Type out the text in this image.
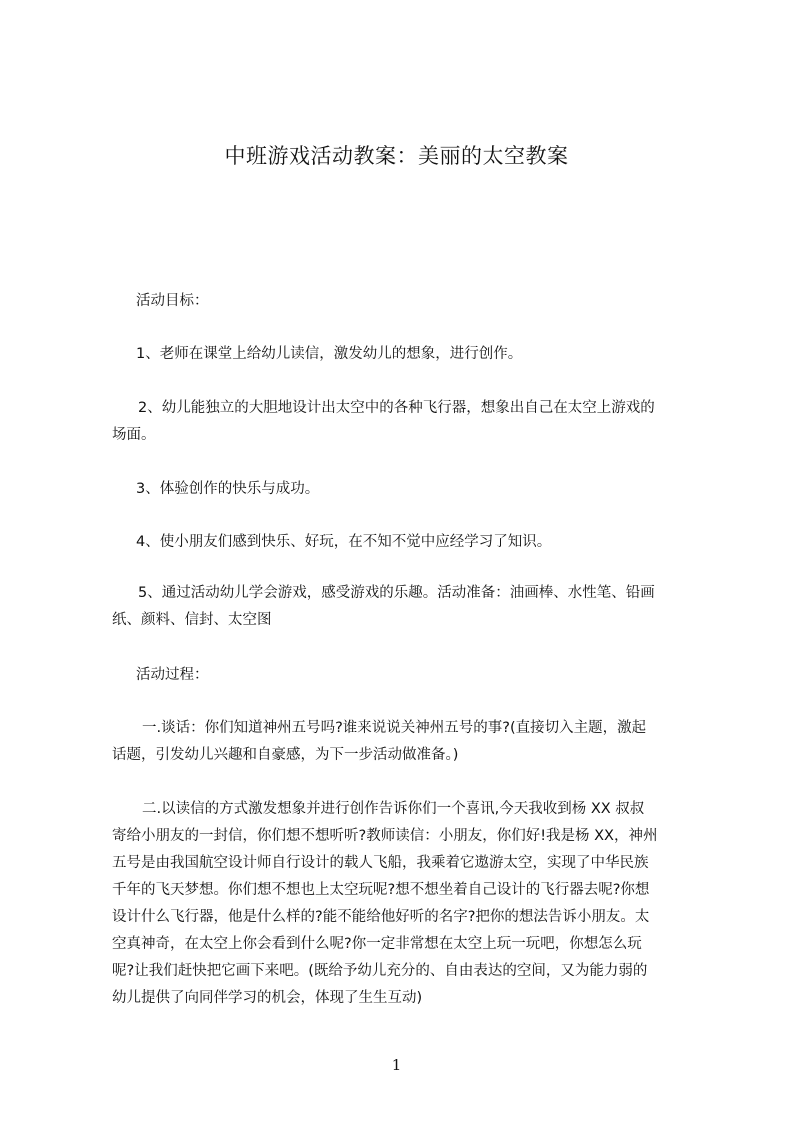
中班游戏活动教案：美丽的太空教案

活动目标：

1、老师在课堂上给幼儿读信，激发幼儿的想象，进行创作。

2、幼儿能独立的大胆地设计出太空中的各种飞行器，想象出自己在太空上游戏的
场面。

3、体验创作的快乐与成功。

4、使小朋友们感到快乐、好玩，在不知不觉中应经学习了知识。

5、通过活动幼儿学会游戏，感受游戏的乐趣。活动准备：油画棒、水性笔、铅画
纸、颜料、信封、太空图

活动过程：

一.谈话：你们知道神州五号吗?谁来说说关神州五号的事?(直接切入主题，激起
话题，引发幼儿兴趣和自豪感，为下一步活动做准备。)

二.以读信的方式激发想象并进行创作告诉你们一个喜讯,今天我收到杨 XX 叔叔
寄给小朋友的一封信，你们想不想听听?教师读信：小朋友，你们好!我是杨 XX，神州
五号是由我国航空设计师自行设计的载人飞船，我乘着它遨游太空，实现了中华民族
千年的飞天梦想。你们想不想也上太空玩呢?想不想坐着自己设计的飞行器去呢?你想
设计什么飞行器，他是什么样的?能不能给他好听的名字?把你的想法告诉小朋友。太
空真神奇，在太空上你会看到什么呢?你一定非常想在太空上玩一玩吧，你想怎么玩
呢?让我们赶快把它画下来吧。(既给予幼儿充分的、自由表达的空间，又为能力弱的
幼儿提供了向同伴学习的机会，体现了生生互动)

1
